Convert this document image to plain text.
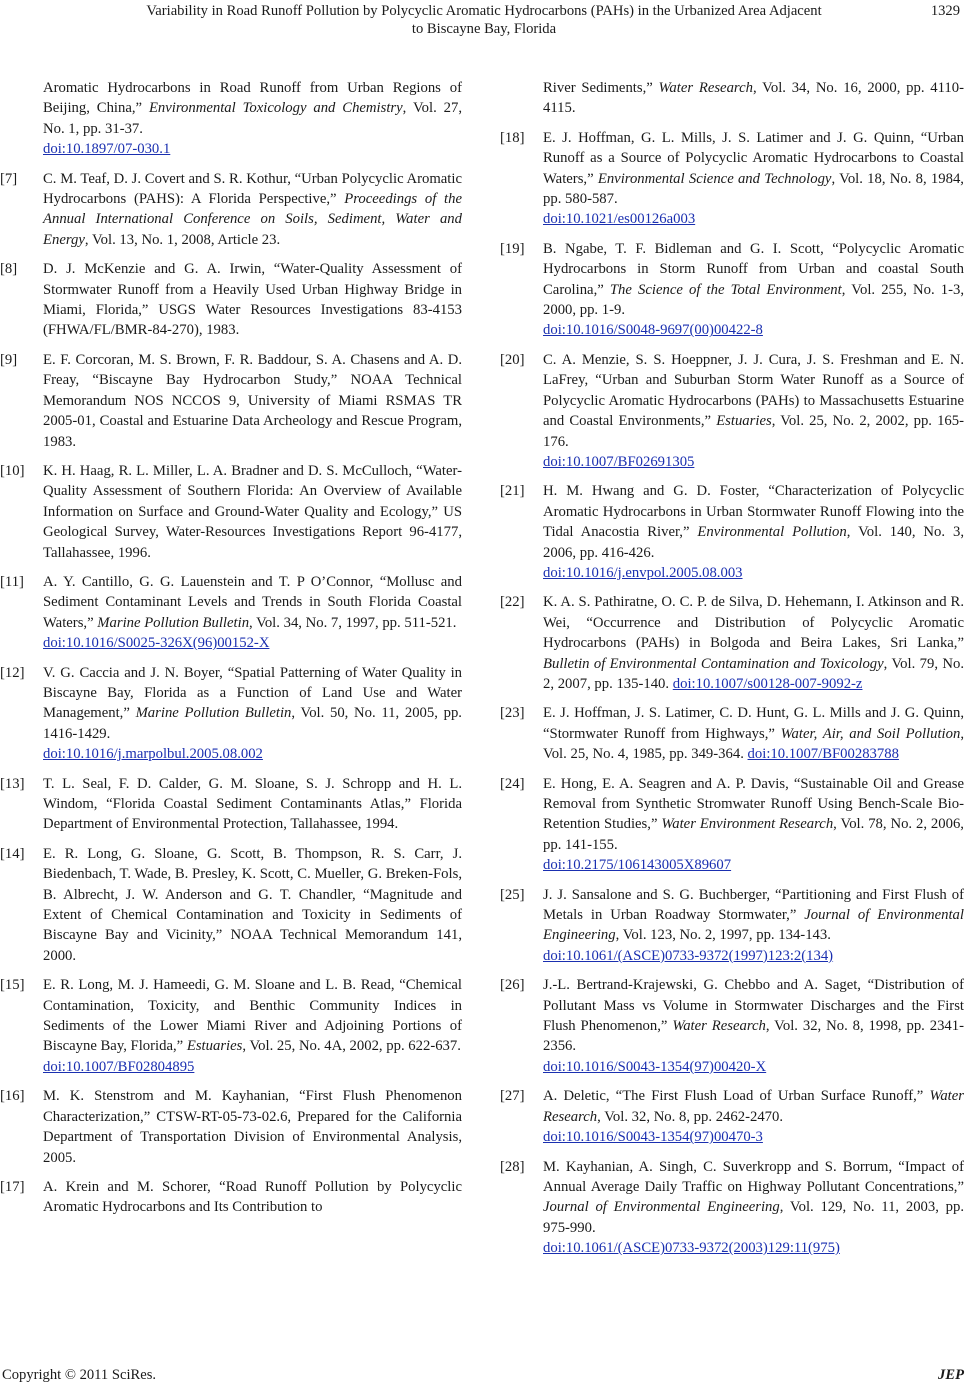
Variability in Road Runoff Pollution by Polycyclic Aromatic Hydrocarbons (PAHs) in the Urbanized Area Adjacent
to Biscayne Bay, Florida
1329
Aromatic Hydrocarbons in Road Runoff from Urban Regions of Beijing, China,” Environmental Toxicology and Chemistry, Vol. 27, No. 1, pp. 31-37.
doi:10.1897/07-030.1
[7]	C. M. Teaf, D. J. Covert and S. R. Kothur, “Urban Polycyclic Aromatic Hydrocarbons (PAHS): A Florida Perspective,” Proceedings of the Annual International Conference on Soils, Sediment, Water and Energy, Vol. 13, No. 1, 2008, Article 23.
[8]	D. J. McKenzie and G. A. Irwin, “Water-Quality Assessment of Stormwater Runoff from a Heavily Used Urban Highway Bridge in Miami, Florida,” USGS Water Resources Investigations 83-4153 (FHWA/FL/BMR-84-270), 1983.
[9]	E. F. Corcoran, M. S. Brown, F. R. Baddour, S. A. Chasens and A. D. Freay, “Biscayne Bay Hydrocarbon Study,” NOAA Technical Memorandum NOS NCCOS 9, University of Miami RSMAS TR 2005-01, Coastal and Estuarine Data Archeology and Rescue Program, 1983.
[10]	K. H. Haag, R. L. Miller, L. A. Bradner and D. S. McCulloch, “Water-Quality Assessment of Southern Florida: An Overview of Available Information on Surface and Ground-Water Quality and Ecology,” US Geological Survey, Water-Resources Investigations Report 96-4177, Tallahassee, 1996.
[11]	A. Y. Cantillo, G. G. Lauenstein and T. P O’Connor, “Mollusc and Sediment Contaminant Levels and Trends in South Florida Coastal Waters,” Marine Pollution Bulletin, Vol. 34, No. 7, 1997, pp. 511-521.
doi:10.1016/S0025-326X(96)00152-X
[12]	V. G. Caccia and J. N. Boyer, “Spatial Patterning of Water Quality in Biscayne Bay, Florida as a Function of Land Use and Water Management,” Marine Pollution Bulletin, Vol. 50, No. 11, 2005, pp. 1416-1429.
doi:10.1016/j.marpolbul.2005.08.002
[13]	T. L. Seal, F. D. Calder, G. M. Sloane, S. J. Schropp and H. L. Windom, “Florida Coastal Sediment Contaminants Atlas,” Florida Department of Environmental Protection, Tallahassee, 1994.
[14]	E. R. Long, G. Sloane, G. Scott, B. Thompson, R. S. Carr, J. Biedenbach, T. Wade, B. Presley, K. Scott, C. Mueller, G. Breken-Fols, B. Albrecht, J. W. Anderson and G. T. Chandler, “Magnitude and Extent of Chemical Contamination and Toxicity in Sediments of Biscayne Bay and Vicinity,” NOAA Technical Memorandum 141, 2000.
[15]	E. R. Long, M. J. Hameedi, G. M. Sloane and L. B. Read, “Chemical Contamination, Toxicity, and Benthic Community Indices in Sediments of the Lower Miami River and Adjoining Portions of Biscayne Bay, Florida,” Estuaries, Vol. 25, No. 4A, 2002, pp. 622-637.
doi:10.1007/BF02804895
[16]	M. K. Stenstrom and M. Kayhanian, “First Flush Phenomenon Characterization,” CTSW-RT-05-73-02.6, Prepared for the California Department of Transportation Division of Environmental Analysis, 2005.
[17]	A. Krein and M. Schorer, “Road Runoff Pollution by Polycyclic Aromatic Hydrocarbons and Its Contribution to
River Sediments,” Water Research, Vol. 34, No. 16, 2000, pp. 4110-4115.
[18]	E. J. Hoffman, G. L. Mills, J. S. Latimer and J. G. Quinn, “Urban Runoff as a Source of Polycyclic Aromatic Hydrocarbons to Coastal Waters,” Environmental Science and Technology, Vol. 18, No. 8, 1984, pp. 580-587.
doi:10.1021/es00126a003
[19]	B. Ngabe, T. F. Bidleman and G. I. Scott, “Polycyclic Aromatic Hydrocarbons in Storm Runoff from Urban and coastal South Carolina,” The Science of the Total Environment, Vol. 255, No. 1-3, 2000, pp. 1-9.
doi:10.1016/S0048-9697(00)00422-8
[20]	C. A. Menzie, S. S. Hoeppner, J. J. Cura, J. S. Freshman and E. N. LaFrey, “Urban and Suburban Storm Water Runoff as a Source of Polycyclic Aromatic Hydrocarbons (PAHs) to Massachusetts Estuarine and Coastal Environments,” Estuaries, Vol. 25, No. 2, 2002, pp. 165-176.
doi:10.1007/BF02691305
[21]	H. M. Hwang and G. D. Foster, “Characterization of Polycyclic Aromatic Hydrocarbons in Urban Stormwater Runoff Flowing into the Tidal Anacostia River,” Environmental Pollution, Vol. 140, No. 3, 2006, pp. 416-426.
doi:10.1016/j.envpol.2005.08.003
[22]	K. A. S. Pathiratne, O. C. P. de Silva, D. Hehemann, I. Atkinson and R. Wei, “Occurrence and Distribution of Polycyclic Aromatic Hydrocarbons (PAHs) in Bolgoda and Beira Lakes, Sri Lanka,” Bulletin of Environmental Contamination and Toxicology, Vol. 79, No. 2, 2007, pp. 135-140. doi:10.1007/s00128-007-9092-z
[23]	E. J. Hoffman, J. S. Latimer, C. D. Hunt, G. L. Mills and J. G. Quinn, “Stormwater Runoff from Highways,” Water, Air, and Soil Pollution, Vol. 25, No. 4, 1985, pp. 349-364. doi:10.1007/BF00283788
[24]	E. Hong, E. A. Seagren and A. P. Davis, “Sustainable Oil and Grease Removal from Synthetic Stromwater Runoff Using Bench-Scale Bio-Retention Studies,” Water Environment Research, Vol. 78, No. 2, 2006, pp. 141-155.
doi:10.2175/106143005X89607
[25]	J. J. Sansalone and S. G. Buchberger, “Partitioning and First Flush of Metals in Urban Roadway Stormwater,” Journal of Environmental Engineering, Vol. 123, No. 2, 1997, pp. 134-143.
doi:10.1061/(ASCE)0733-9372(1997)123:2(134)
[26]	J.-L. Bertrand-Krajewski, G. Chebbo and A. Saget, “Distribution of Pollutant Mass vs Volume in Stormwater Discharges and the First Flush Phenomenon,” Water Research, Vol. 32, No. 8, 1998, pp. 2341-2356.
doi:10.1016/S0043-1354(97)00420-X
[27]	A. Deletic, “The First Flush Load of Urban Surface Runoff,” Water Research, Vol. 32, No. 8, pp. 2462-2470.
doi:10.1016/S0043-1354(97)00470-3
[28]	M. Kayhanian, A. Singh, C. Suverkropp and S. Borrum, “Impact of Annual Average Daily Traffic on Highway Pollutant Concentrations,” Journal of Environmental Engineering, Vol. 129, No. 11, 2003, pp. 975-990.
doi:10.1061/(ASCE)0733-9372(2003)129:11(975)
Copyright © 2011 SciRes.	JEP
